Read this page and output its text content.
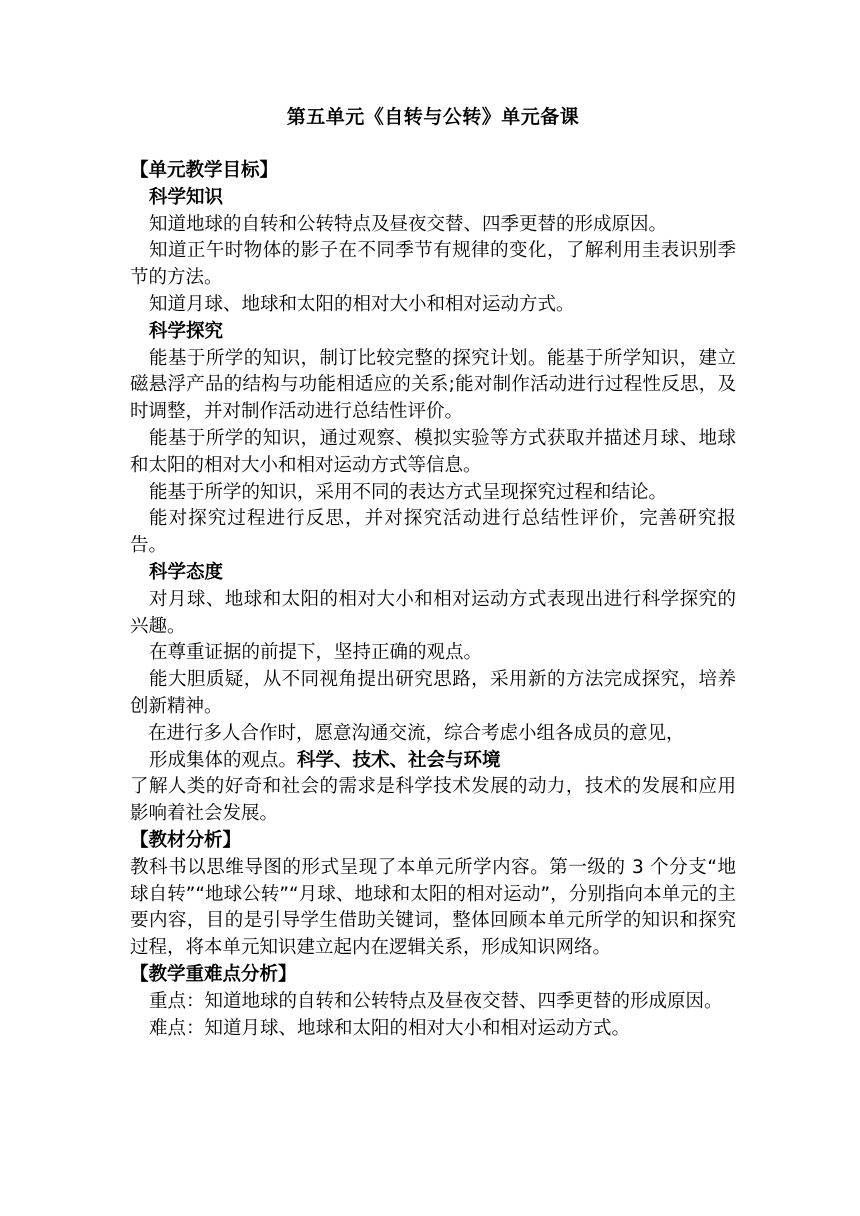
第五单元《自转与公转》单元备课

【单元教学目标】

科学知识

知道地球的自转和公转特点及昼夜交替、四季更替的形成原因。

知道正午时物体的影子在不同季节有规律的变化，了解利用圭表识别季节的方法。

知道月球、地球和太阳的相对大小和相对运动方式。

科学探究

能基于所学的知识，制订比较完整的探究计划。能基于所学知识，建立磁悬浮产品的结构与功能相适应的关系;能对制作活动进行过程性反思，及时调整，并对制作活动进行总结性评价。

能基于所学的知识，通过观察、模拟实验等方式获取并描述月球、地球和太阳的相对大小和相对运动方式等信息。

能基于所学的知识，采用不同的表达方式呈现探究过程和结论。

能对探究过程进行反思，并对探究活动进行总结性评价，完善研究报告。

科学态度

对月球、地球和太阳的相对大小和相对运动方式表现出进行科学探究的兴趣。

在尊重证据的前提下，坚持正确的观点。

能大胆质疑，从不同视角提出研究思路，采用新的方法完成探究，培养创新精神。

在进行多人合作时，愿意沟通交流，综合考虑小组各成员的意见，

形成集体的观点。科学、技术、社会与环境

了解人类的好奇和社会的需求是科学技术发展的动力，技术的发展和应用影响着社会发展。

【教材分析】

教科书以思维导图的形式呈现了本单元所学内容。第一级的 3 个分支“地球自转”“地球公转”“月球、地球和太阳的相对运动”，分别指向本单元的主要内容，目的是引导学生借助关键词，整体回顾本单元所学的知识和探究过程，将本单元知识建立起内在逻辑关系，形成知识网络。

【教学重难点分析】

重点：知道地球的自转和公转特点及昼夜交替、四季更替的形成原因。

难点：知道月球、地球和太阳的相对大小和相对运动方式。
